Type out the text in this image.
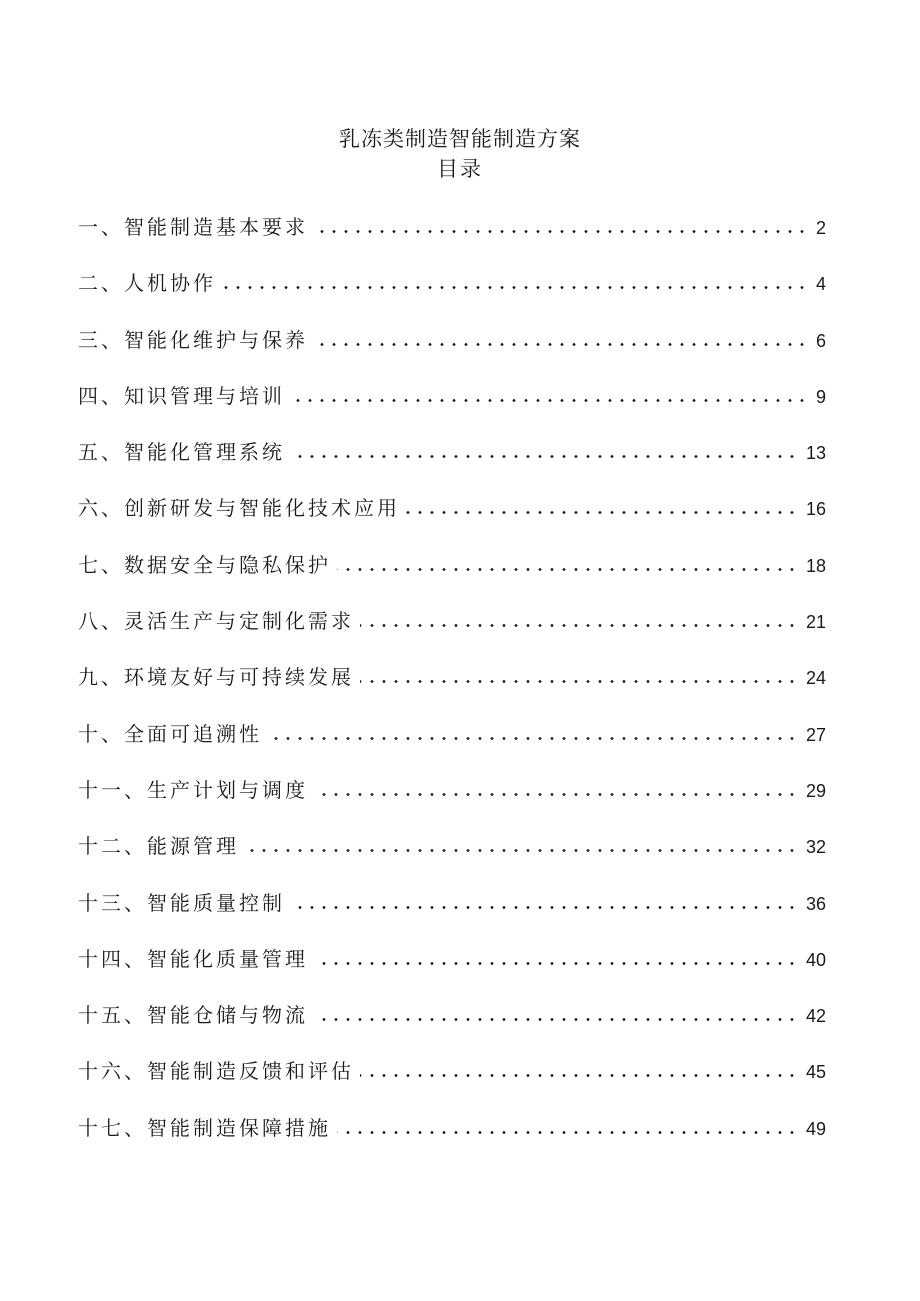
乳冻类制造智能制造方案
目录
一、智能制造基本要求	2
二、人机协作	4
三、智能化维护与保养	6
四、知识管理与培训	9
五、智能化管理系统	13
六、创新研发与智能化技术应用	16
七、数据安全与隐私保护	18
八、灵活生产与定制化需求	21
九、环境友好与可持续发展	24
十、全面可追溯性	27
十一、生产计划与调度	29
十二、能源管理	32
十三、智能质量控制	36
十四、智能化质量管理	40
十五、智能仓储与物流	42
十六、智能制造反馈和评估	45
十七、智能制造保障措施	49
